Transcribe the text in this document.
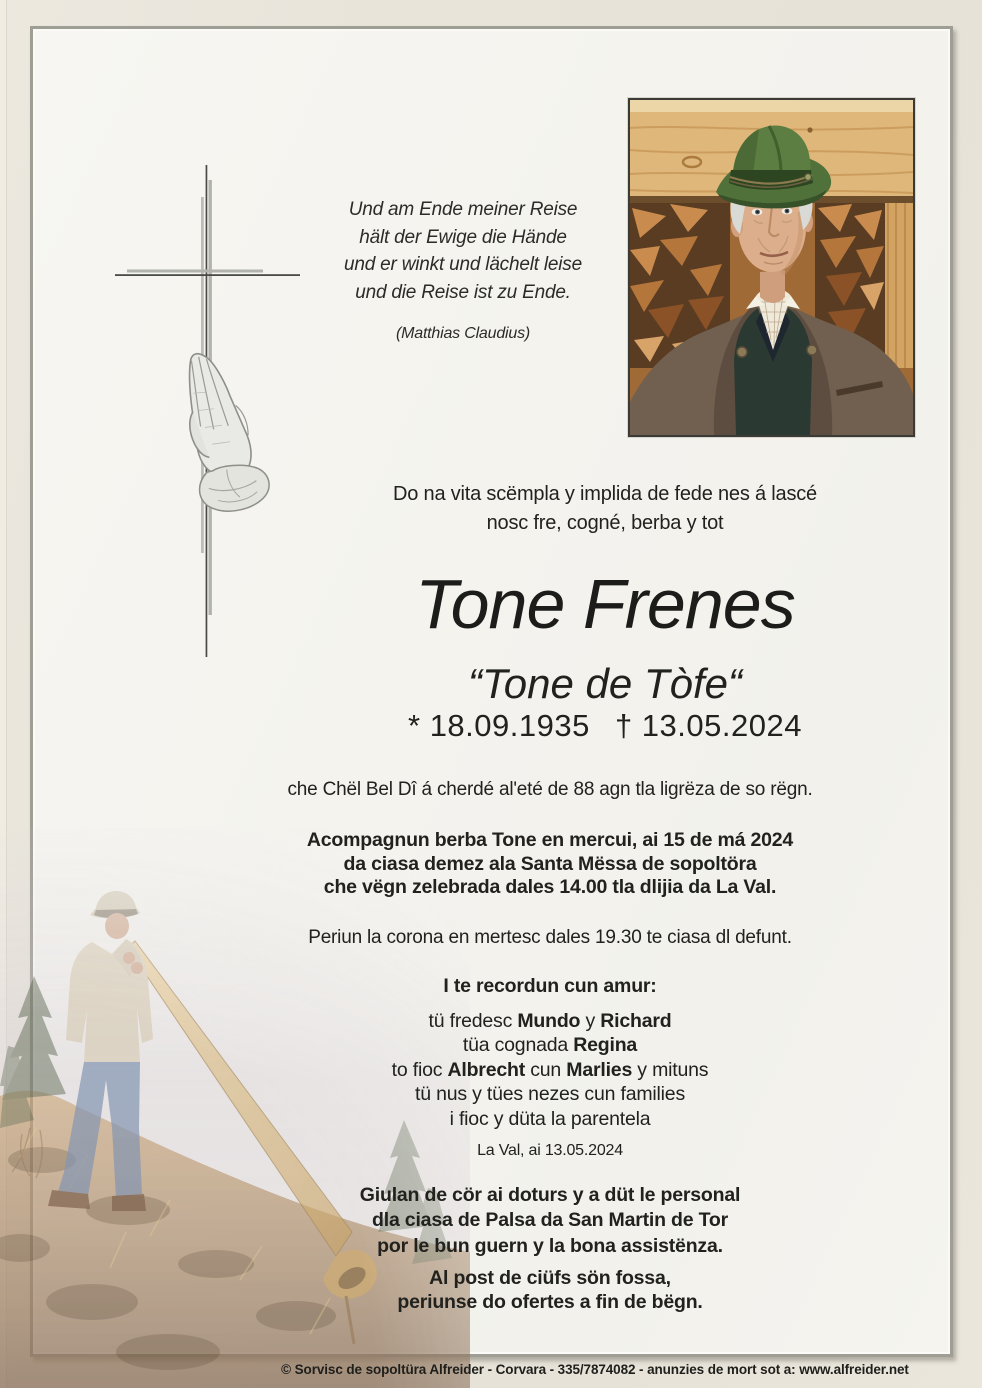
Und am Ende meiner Reise
hält der Ewige die Hände
und er winkt und lächelt leise
und die Reise ist zu Ende.
(Matthias Claudius)
Do na vita scëmpla y implida de fede nes á lascé
nosc fre, cogné, berba y tot
Tone Frenes
“Tone de Tòfe“
* 18.09.1935  † 13.05.2024
che Chël Bel Dî á cherdé al'eté de 88 agn tla ligrëza de so rëgn.
Acompagnun berba Tone en mercui, ai 15 de má 2024
da ciasa demez ala Santa Mëssa de sopoltöra
che vëgn zelebrada dales 14.00 tla dlijia da La Val.
Periun la corona en mertesc dales 19.30 te ciasa dl defunt.
I te recordun cun amur:
tü fredesc Mundo y Richard
tüa cognada Regina
to fioc Albrecht cun Marlies y mituns
tü nus y tües nezes cun families
i fioc y düta la parentela
La Val, ai 13.05.2024
Giulan de cör ai doturs y a düt le personal
dla ciasa de Palsa da San Martin de Tor
por le bun guern y la bona assistënza.
Al post de ciüfs sön fossa,
periunse do ofertes a fin de bëgn.
© Sorvisc de sopoltüra Alfreider - Corvara - 335/7874082 - anunzies de mort sot a: www.alfreider.net
